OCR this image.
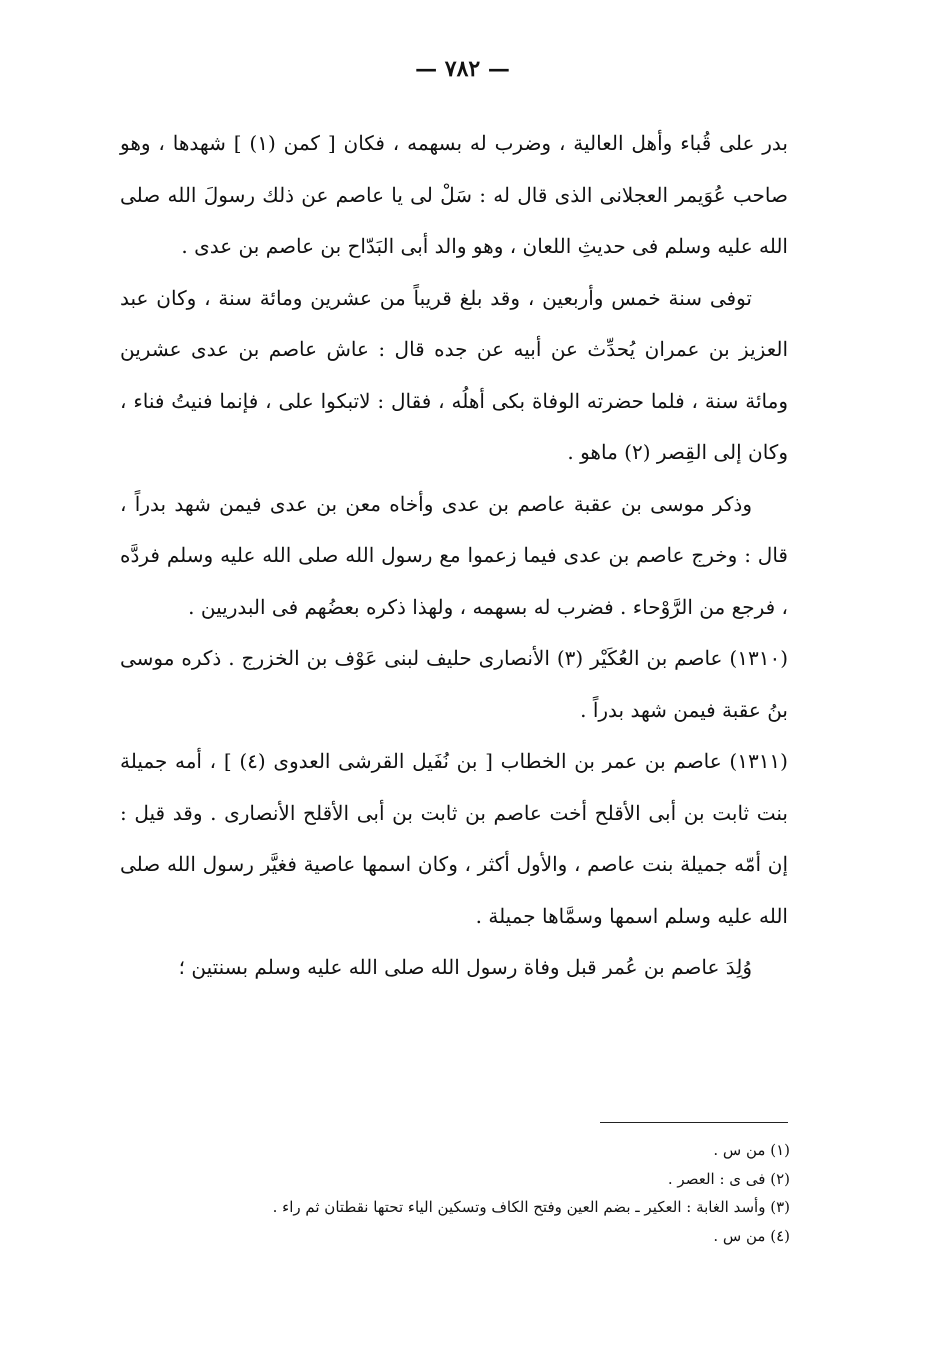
— ٧٨٢ —

بدر على قُباء وأهل العالية ، وضرب له بسهمه ، فكان [ كمن (١) ] شهدها ، وهو صاحب عُوَيمر العجلانى الذى قال له : سَلْ لى يا عاصم عن ذلك رسولَ الله صلى الله عليه وسلم فى حديثِ اللعان ، وهو والد أبى البَدّاح بن عاصم بن عدى .

توفى سنة خمس وأربعين ، وقد بلغ قريباً من عشرين ومائة سنة ، وكان عبد العزيز بن عمران يُحدِّث عن أبيه عن جده قال : عاش عاصم بن عدى عشرين ومائة سنة ، فلما حضرته الوفاة بكى أهلُه ، فقال : لاتبكوا على ، فإنما فنيتُ فناء ، وكان إلى القِصر (٢) ماهو .

وذكر موسى بن عقبة عاصم بن عدى وأخاه معن بن عدى فيمن شهد بدراً ، قال : وخرج عاصم بن عدى فيما زعموا مع رسول الله صلى الله عليه وسلم فردَّه ، فرجع من الرَّوْحاء . فضرب له بسهمه ، ولهذا ذكره بعضُهم فى البدريين .

(١٣١٠) عاصم بن العُكَيْر (٣) الأنصارى حليف لبنى عَوْف بن الخزرج . ذكره موسى بنُ عقبة فيمن شهد بدراً .

(١٣١١) عاصم بن عمر بن الخطاب [ بن نُفَيل القرشى العدوى (٤) ] ، أمه جميلة بنت ثابت بن أبى الأقلح أخت عاصم بن ثابت بن أبى الأقلح الأنصارى . وقد قيل : إن أمّه جميلة بنت عاصم ، والأول أكثر ، وكان اسمها عاصية فغيَّر رسول الله صلى الله عليه وسلم اسمها وسمَّاها جميلة .

وُلِدَ عاصم بن عُمر قبل وفاة رسول الله صلى الله عليه وسلم بسنتين ؛

(١) من س .

(٢) فى ى : العصر .

(٣) وأسد الغابة : العكير ـ بضم العين وفتح الكاف وتسكين الياء تحتها نقطتان ثم راء .

(٤) من س .
